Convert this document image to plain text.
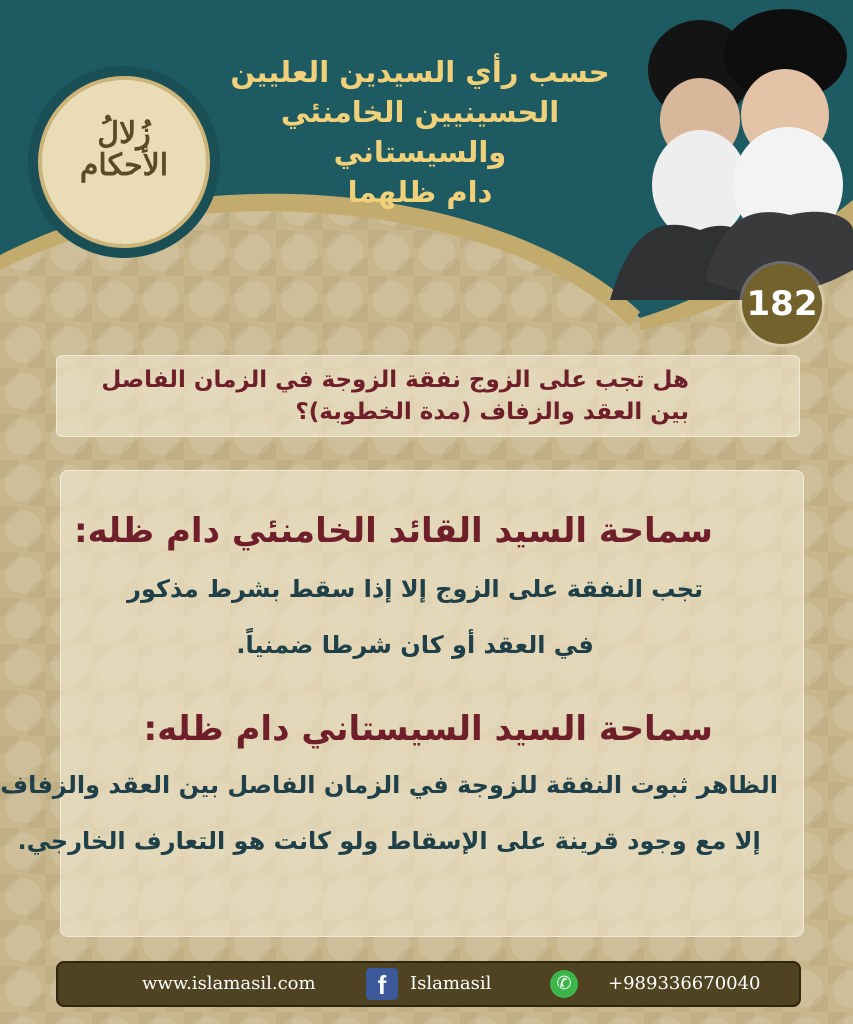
حسب رأي السيدين العليين
الحسينيين الخامنئي والسيستاني
دام ظلهما
زُلالُ
الأحكام
182
هل تجب على الزوج نفقة الزوجة في الزمان الفاصل
بين العقد والزفاف (مدة الخطوبة)؟
سماحة السيد القائد الخامنئي دام ظله:
تجب النفقة على الزوج إلا إذا سقط بشرط مذكور
في العقد أو كان شرطا ضمنياً.
سماحة السيد السيستاني دام ظله:
الظاهر ثبوت النفقة للزوجة في الزمان الفاصل بين العقد والزفاف
إلا مع وجود قرينة على الإسقاط ولو كانت هو التعارف الخارجي.
www.islamasil.com	f	Islamasil	✆	+989336670040
